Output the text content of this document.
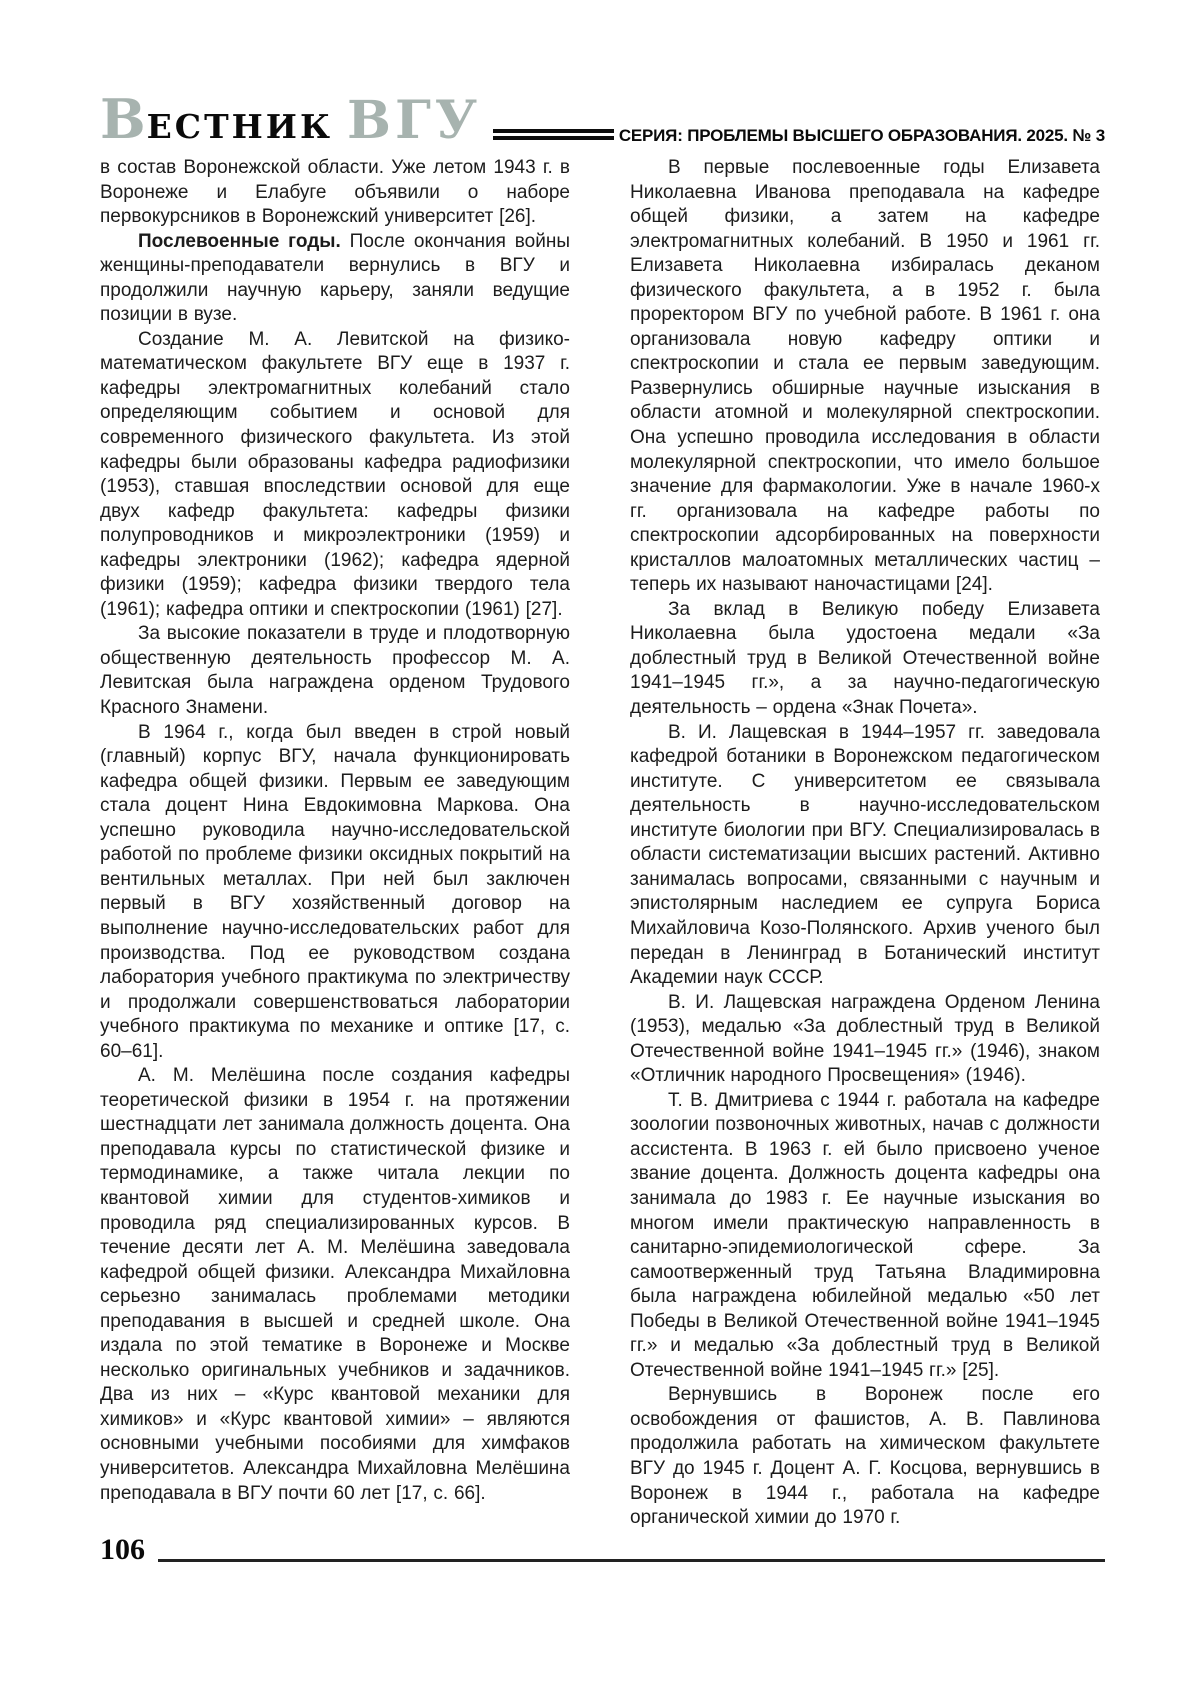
ВЕСТНИК ВГУ	СЕРИЯ: ПРОБЛЕМЫ ВЫСШЕГО ОБРАЗОВАНИЯ. 2025. № 3

в состав Воронежской области. Уже летом 1943 г. в Воронеже и Елабуге объявили о наборе первокурсников в Воронежский университет [26].

Послевоенные годы. После окончания войны женщины-преподаватели вернулись в ВГУ и продолжили научную карьеру, заняли ведущие позиции в вузе.

Создание М. А. Левитской на физико-математическом факультете ВГУ еще в 1937 г. кафедры электромагнитных колебаний стало определяющим событием и основой для современного физического факультета. Из этой кафедры были образованы кафедра радиофизики (1953), ставшая впоследствии основой для еще двух кафедр факультета: кафедры физики полупроводников и микроэлектроники (1959) и кафедры электроники (1962); кафедра ядерной физики (1959); кафедра физики твердого тела (1961); кафедра оптики и спектроскопии (1961) [27].

За высокие показатели в труде и плодотворную общественную деятельность профессор М. А. Левитская была награждена орденом Трудового Красного Знамени.

В 1964 г., когда был введен в строй новый (главный) корпус ВГУ, начала функционировать кафедра общей физики. Первым ее заведующим стала доцент Нина Евдокимовна Маркова. Она успешно руководила научно-исследовательской работой по проблеме физики оксидных покрытий на вентильных металлах. При ней был заключен первый в ВГУ хозяйственный договор на выполнение научно-исследовательских работ для производства. Под ее руководством создана лаборатория учебного практикума по электричеству и продолжали совершенствоваться лаборатории учебного практикума по механике и оптике [17, с. 60–61].

А. М. Мелёшина после создания кафедры теоретической физики в 1954 г. на протяжении шестнадцати лет занимала должность доцента. Она преподавала курсы по статистической физике и термодинамике, а также читала лекции по квантовой химии для студентов-химиков и проводила ряд специализированных курсов. В течение десяти лет А. М. Мелёшина заведовала кафедрой общей физики. Александра Михайловна серьезно занималась проблемами методики преподавания в высшей и средней школе. Она издала по этой тематике в Воронеже и Москве несколько оригинальных учебников и задачников. Два из них – «Курс квантовой механики для химиков» и «Курс квантовой химии» – являются основными учебными пособиями для химфаков университетов. Александра Михайловна Мелёшина преподавала в ВГУ почти 60 лет [17, с. 66].

В первые послевоенные годы Елизавета Николаевна Иванова преподавала на кафедре общей физики, а затем на кафедре электромагнитных колебаний. В 1950 и 1961 гг. Елизавета Николаевна избиралась деканом физического факультета, а в 1952 г. была проректором ВГУ по учебной работе. В 1961 г. она организовала новую кафедру оптики и спектроскопии и стала ее первым заведующим. Развернулись обширные научные изыскания в области атомной и молекулярной спектроскопии. Она успешно проводила исследования в области молекулярной спектроскопии, что имело большое значение для фармакологии. Уже в начале 1960-х гг. организовала на кафедре работы по спектроскопии адсорбированных на поверхности кристаллов малоатомных металлических частиц – теперь их называют наночастицами [24].

За вклад в Великую победу Елизавета Николаевна была удостоена медали «За доблестный труд в Великой Отечественной войне 1941–1945 гг.», а за научно-педагогическую деятельность – ордена «Знак Почета».

В. И. Лащевская в 1944–1957 гг. заведовала кафедрой ботаники в Воронежском педагогическом институте. С университетом ее связывала деятельность в научно-исследовательском институте биологии при ВГУ. Специализировалась в области систематизации высших растений. Активно занималась вопросами, связанными с научным и эпистолярным наследием ее супруга Бориса Михайловича Козо-Полянского. Архив ученого был передан в Ленинград в Ботанический институт Академии наук СССР.

В. И. Лащевская награждена Орденом Ленина (1953), медалью «За доблестный труд в Великой Отечественной войне 1941–1945 гг.» (1946), знаком «Отличник народного Просвещения» (1946).

Т. В. Дмитриева с 1944 г. работала на кафедре зоологии позвоночных животных, начав с должности ассистента. В 1963 г. ей было присвоено ученое звание доцента. Должность доцента кафедры она занимала до 1983 г. Ее научные изыскания во многом имели практическую направленность в санитарно-эпидемиологической сфере. За самоотверженный труд Татьяна Владимировна была награждена юбилейной медалью «50 лет Победы в Великой Отечественной войне 1941–1945 гг.» и медалью «За доблестный труд в Великой Отечественной войне 1941–1945 гг.» [25].

Вернувшись в Воронеж после его освобождения от фашистов, А. В. Павлинова продолжила работать на химическом факультете ВГУ до 1945 г. Доцент А. Г. Косцова, вернувшись в Воронеж в 1944 г., работала на кафедре органической химии до 1970 г.

106
